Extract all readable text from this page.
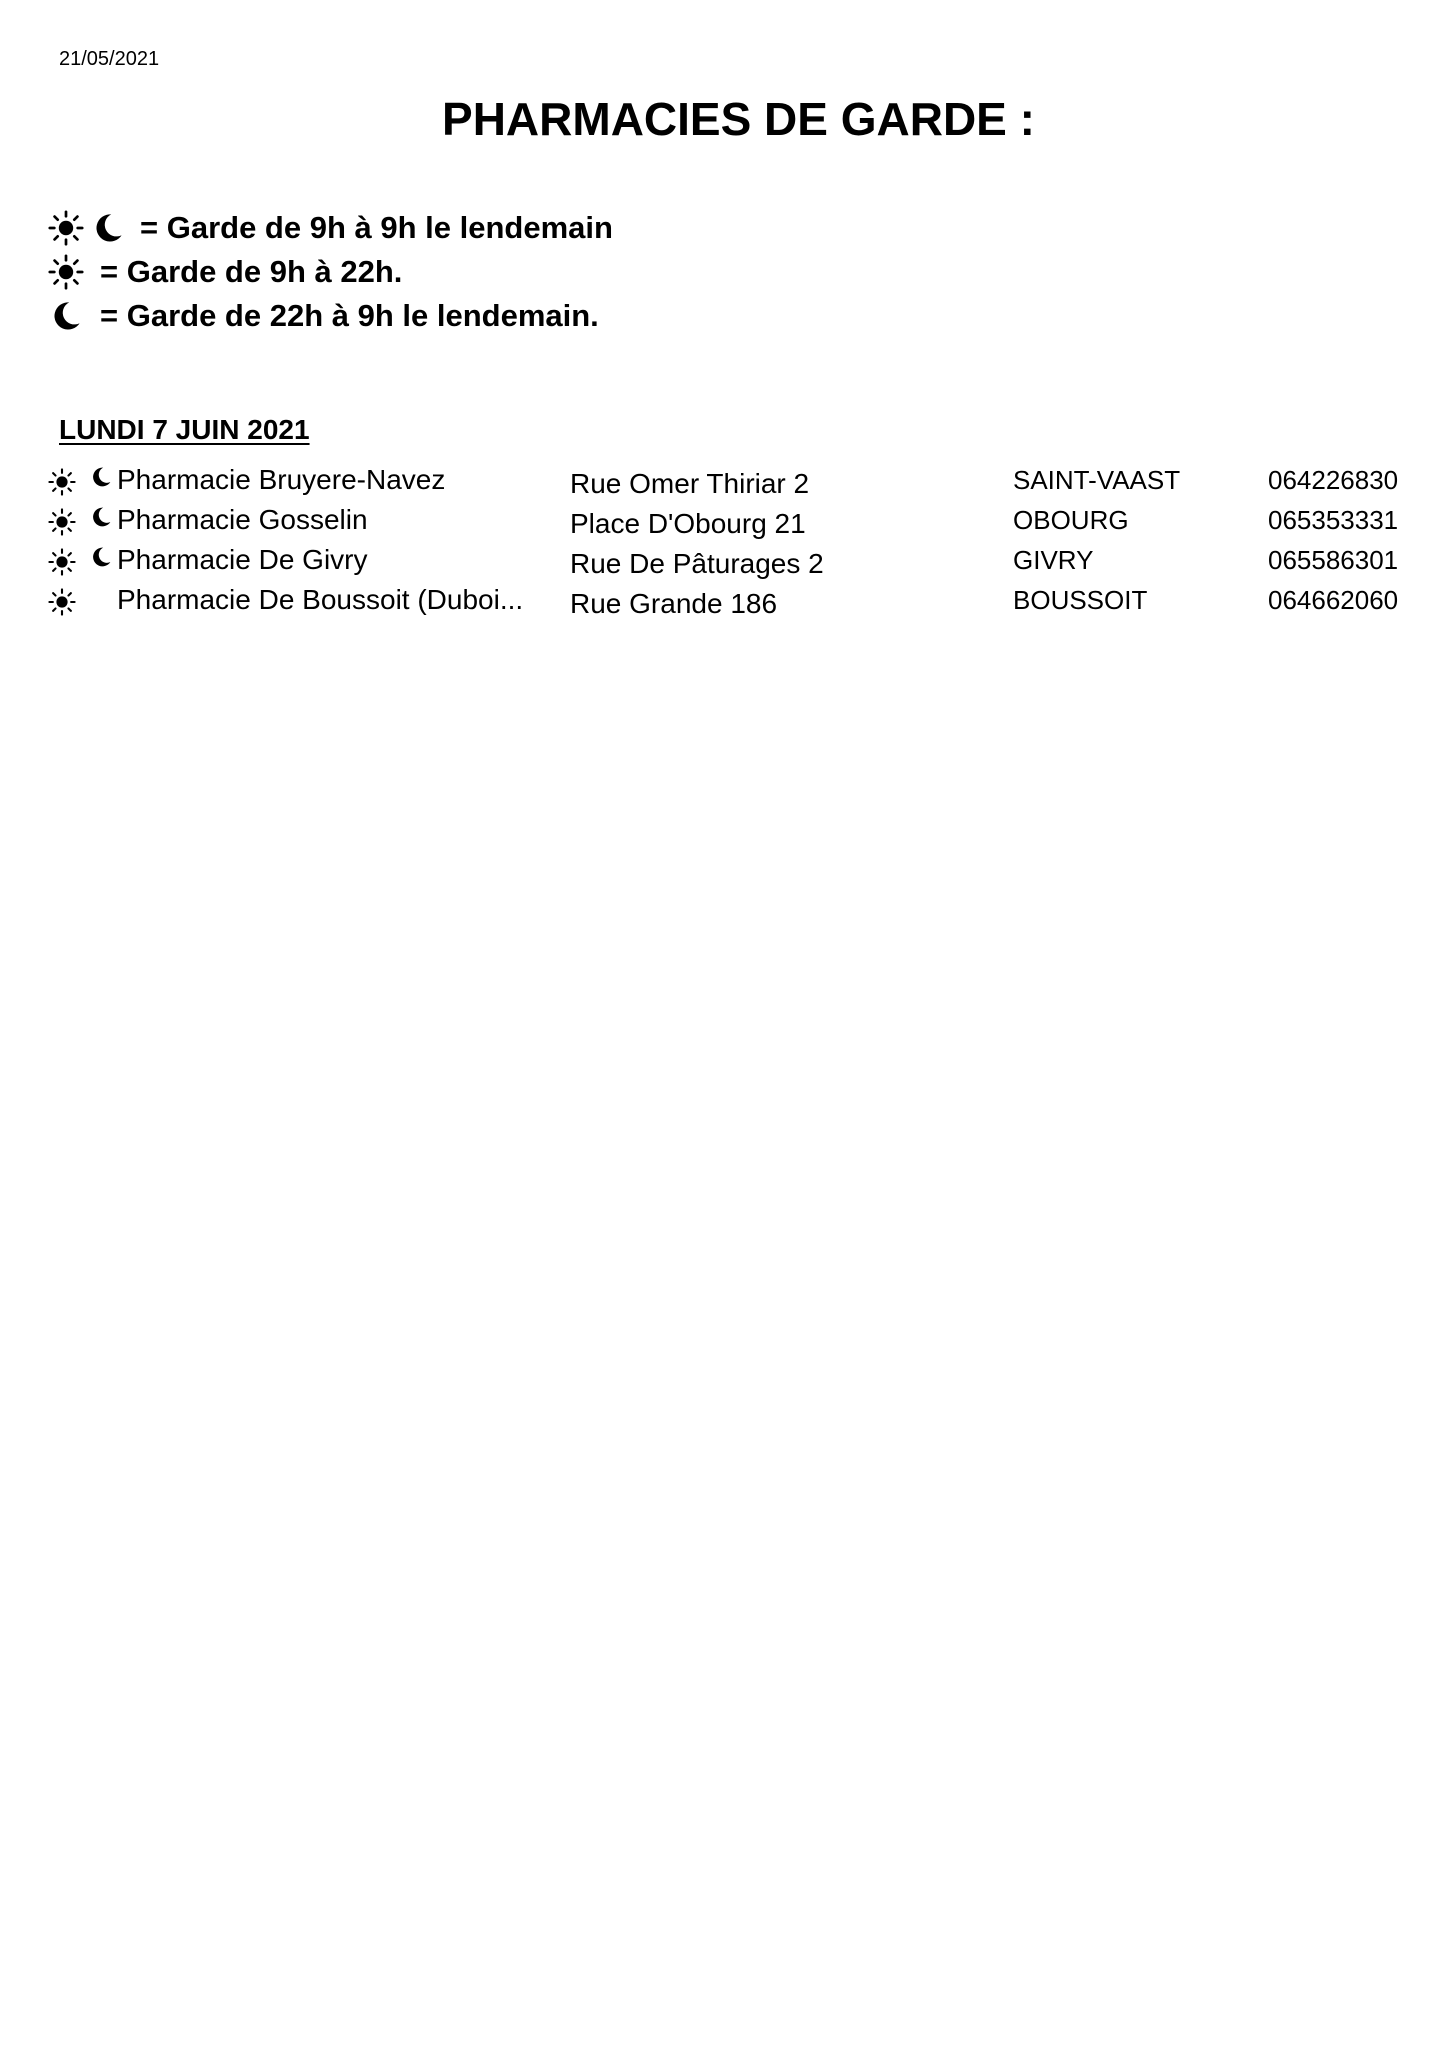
21/05/2021
PHARMACIES DE GARDE :
= Garde de 9h à 9h le lendemain
= Garde de 9h à 22h.
= Garde de 22h à 9h le lendemain.
LUNDI 7 JUIN 2021
Pharmacie Bruyere-Navez	Rue Omer Thiriar 2	SAINT-VAAST	064226830
Pharmacie Gosselin	Place D'Obourg 21	OBOURG	065353331
Pharmacie De Givry	Rue De Pâturages 2	GIVRY	065586301
Pharmacie De Boussoit (Duboi... Rue Grande 186	BOUSSOIT	064662060
